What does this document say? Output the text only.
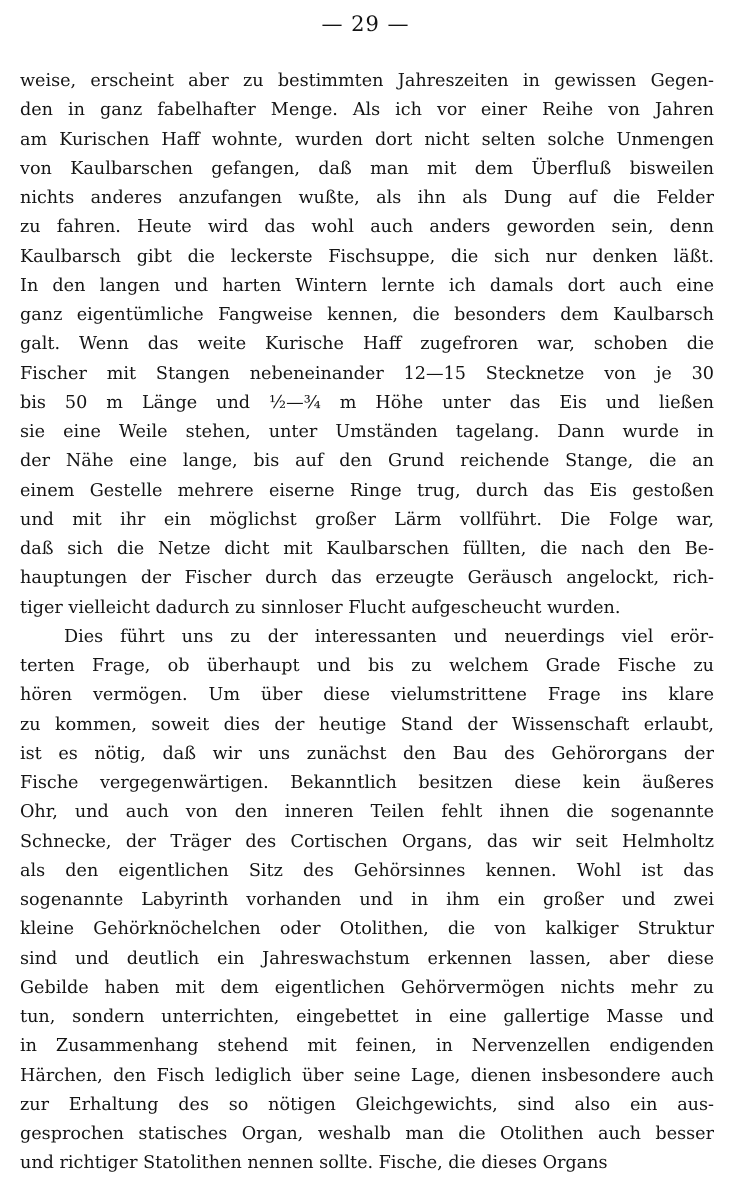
— 29 —
weise, erscheint aber zu bestimmten Jahreszeiten in gewissen Gegen-
den in ganz fabelhafter Menge. Als ich vor einer Reihe von Jahren
am Kurischen Haff wohnte, wurden dort nicht selten solche Unmengen
von Kaulbarschen gefangen, daß man mit dem Überfluß bisweilen
nichts anderes anzufangen wußte, als ihn als Dung auf die Felder
zu fahren. Heute wird das wohl auch anders geworden sein, denn
Kaulbarsch gibt die leckerste Fischsuppe, die sich nur denken läßt.
In den langen und harten Wintern lernte ich damals dort auch eine
ganz eigentümliche Fangweise kennen, die besonders dem Kaulbarsch
galt. Wenn das weite Kurische Haff zugefroren war, schoben die
Fischer mit Stangen nebeneinander 12—15 Stecknetze von je 30
bis 50 m Länge und ½—¾ m Höhe unter das Eis und ließen
sie eine Weile stehen, unter Umständen tagelang. Dann wurde in
der Nähe eine lange, bis auf den Grund reichende Stange, die an
einem Gestelle mehrere eiserne Ringe trug, durch das Eis gestoßen
und mit ihr ein möglichst großer Lärm vollführt. Die Folge war,
daß sich die Netze dicht mit Kaulbarschen füllten, die nach den Be-
hauptungen der Fischer durch das erzeugte Geräusch angelockt, rich-
tiger vielleicht dadurch zu sinnloser Flucht aufgescheucht wurden.
Dies führt uns zu der interessanten und neuerdings viel erör-
terten Frage, ob überhaupt und bis zu welchem Grade Fische zu
hören vermögen. Um über diese vielumstrittene Frage ins klare
zu kommen, soweit dies der heutige Stand der Wissenschaft erlaubt,
ist es nötig, daß wir uns zunächst den Bau des Gehörorgans der
Fische vergegenwärtigen. Bekanntlich besitzen diese kein äußeres
Ohr, und auch von den inneren Teilen fehlt ihnen die sogenannte
Schnecke, der Träger des Cortischen Organs, das wir seit Helmholtz
als den eigentlichen Sitz des Gehörsinnes kennen. Wohl ist das
sogenannte Labyrinth vorhanden und in ihm ein großer und zwei
kleine Gehörknöchelchen oder Otolithen, die von kalkiger Struktur
sind und deutlich ein Jahreswachstum erkennen lassen, aber diese
Gebilde haben mit dem eigentlichen Gehörvermögen nichts mehr zu
tun, sondern unterrichten, eingebettet in eine gallertige Masse und
in Zusammenhang stehend mit feinen, in Nervenzellen endigenden
Härchen, den Fisch lediglich über seine Lage, dienen insbesondere auch
zur Erhaltung des so nötigen Gleichgewichts, sind also ein aus-
gesprochen statisches Organ, weshalb man die Otolithen auch besser
und richtiger Statolithen nennen sollte. Fische, die dieses Organs
